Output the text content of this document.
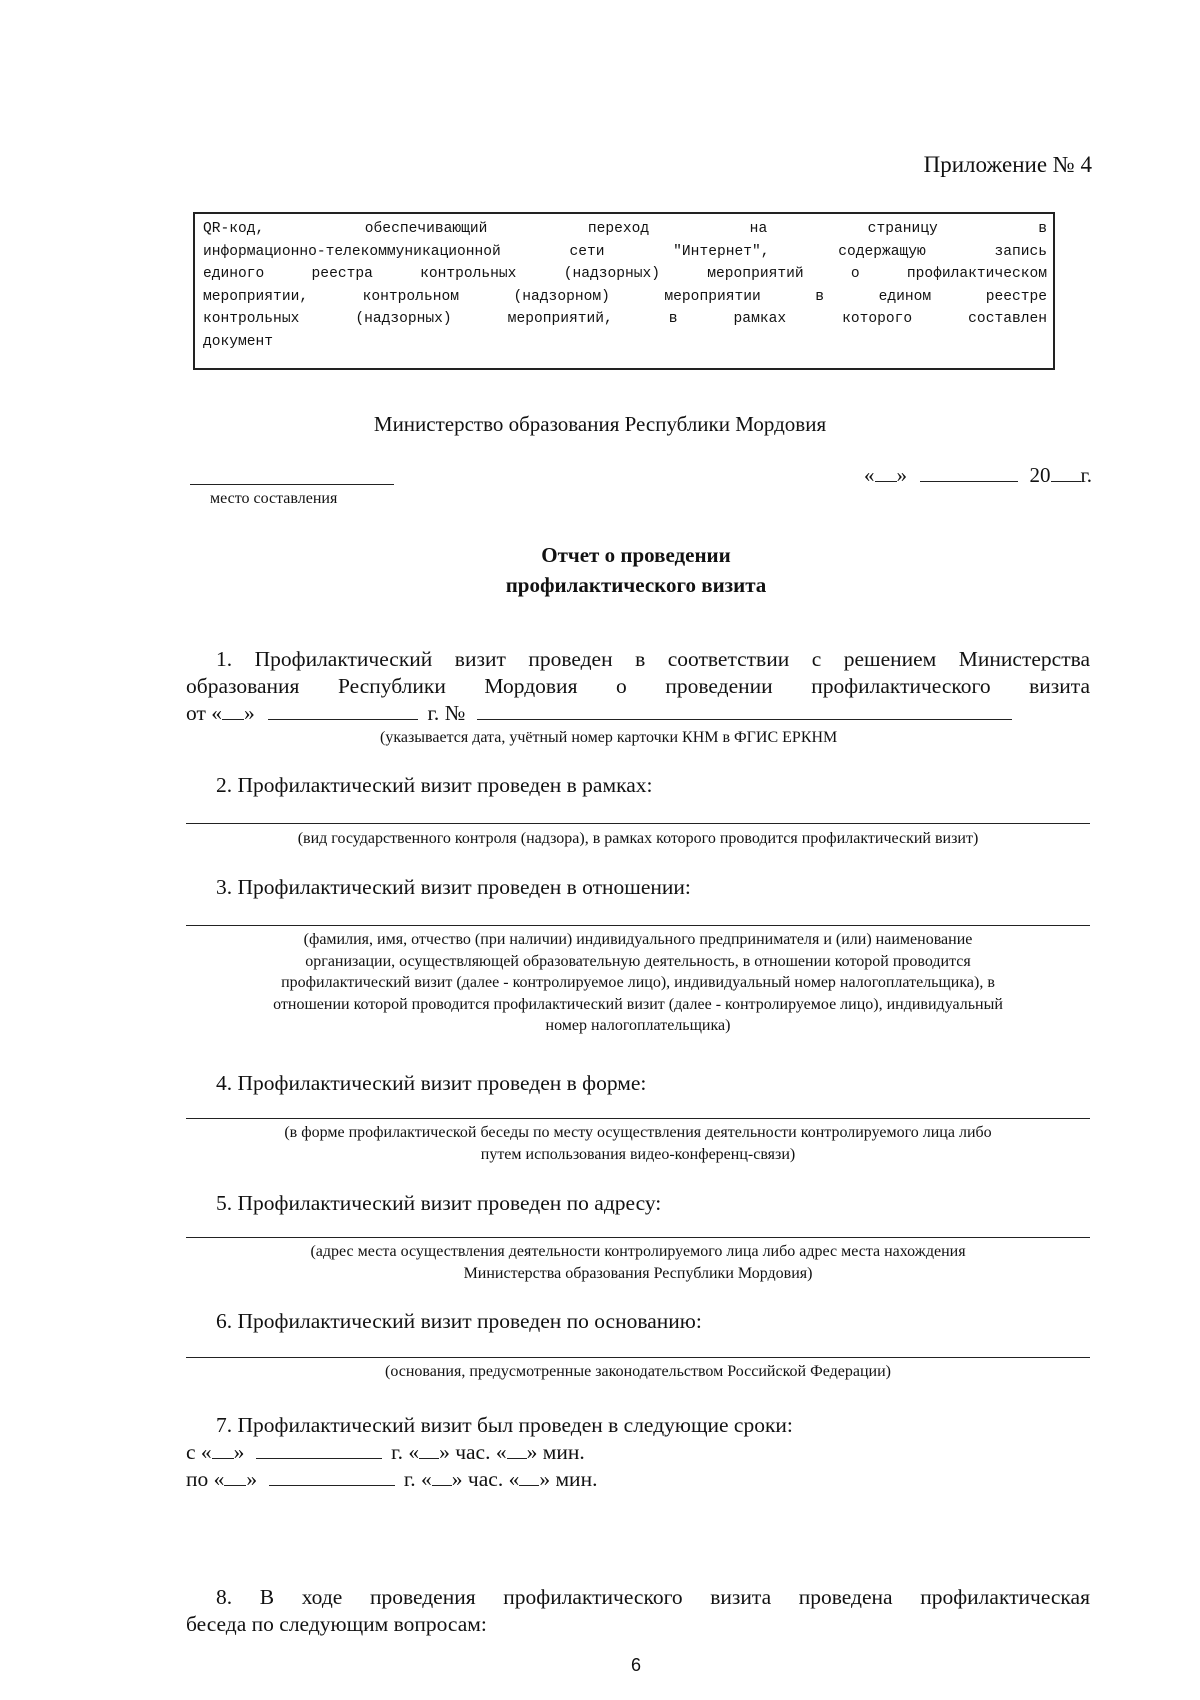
Приложение № 4
QR-код, обеспечивающий переход на страницу в
информационно-телекоммуникационной сети "Интернет", содержащую запись
единого реестра контрольных (надзорных) мероприятий о профилактическом
мероприятии, контрольном (надзорном) мероприятии в едином реестре
контрольных (надзорных) мероприятий, в рамках которого составлен
документ
Министерство образования Республики Мордовия
место составления
« »	20 г.
Отчет о проведении
профилактического визита
1. Профилактический визит проведен в соответствии с решением Министерства
образования Республики Мордовия о проведении профилактического визита
от « »	г. №
(указывается дата, учётный номер карточки КНМ в ФГИС ЕРКНМ
2. Профилактический визит проведен в рамках:
(вид государственного контроля (надзора), в рамках которого проводится профилактический визит)
3. Профилактический визит проведен в отношении:
(фамилия, имя, отчество (при наличии) индивидуального предпринимателя и (или) наименование
организации, осуществляющей образовательную деятельность, в отношении которой проводится
профилактический визит (далее - контролируемое лицо), индивидуальный номер налогоплательщика), в
отношении которой проводится профилактический визит (далее - контролируемое лицо), индивидуальный
номер налогоплательщика)
4. Профилактический визит проведен в форме:
(в форме профилактической беседы по месту осуществления деятельности контролируемого лица либо
путем использования видео-конференц-связи)
5. Профилактический визит проведен по адресу:
(адрес места осуществления деятельности контролируемого лица либо адрес места нахождения
Министерства образования Республики Мордовия)
6. Профилактический визит проведен по основанию:
(основания, предусмотренные законодательством Российской Федерации)
7. Профилактический визит был проведен в следующие сроки:
с « »	г. « » час. « » мин.
по « »	г. « » час. « » мин.
8. В ходе проведения профилактического визита проведена профилактическая
беседа по следующим вопросам:
6
